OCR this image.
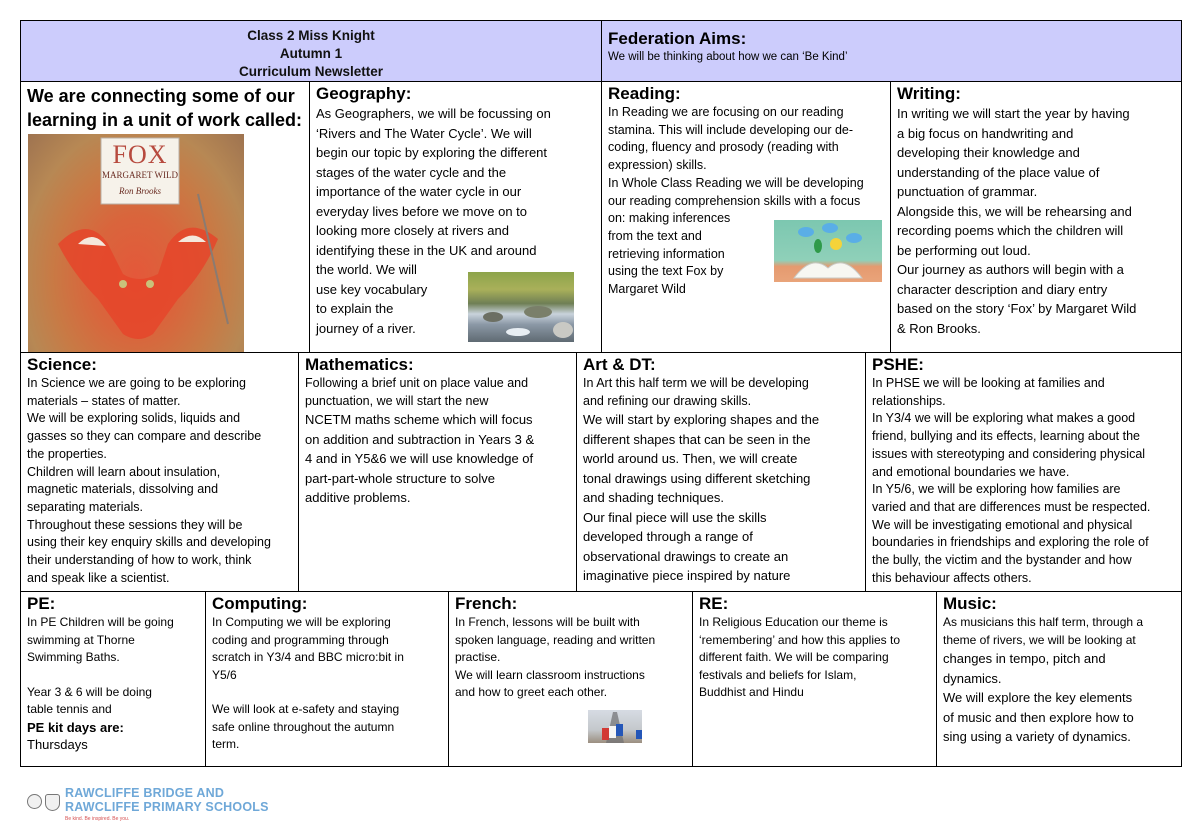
Class 2 Miss Knight
Autumn 1
Curriculum Newsletter
Federation Aims:
We will be thinking about how we can ‘Be Kind’
We are connecting some of our
learning in a unit of work called:
FOX
MARGARET WILD
Ron Brooks
Geography:
As Geographers, we will be focussing on
‘Rivers and The Water Cycle’. We will
begin our topic by exploring the different
stages of the water cycle and the
importance of the water cycle in our
everyday lives before we move on to
looking more closely at rivers and
identifying these in the UK and around
the world. We will
use key vocabulary
to explain the
journey of a river.
Reading:
In Reading we are focusing on our reading
stamina. This will include developing our de-
coding, fluency and prosody (reading with
expression) skills.
In Whole Class Reading we will be developing
our reading comprehension skills with a focus
on: making inferences
from the text and
retrieving information
using the text Fox by
Margaret Wild
Writing:
In writing we will start the year by having
a big focus on handwriting and
developing their knowledge and
understanding of the place value of
punctuation of grammar.
Alongside this, we will be rehearsing and
recording poems which the children will
be performing out loud.
Our journey as authors will begin with a
character description and diary entry
based on the story ‘Fox’ by Margaret Wild
& Ron Brooks.
Science:
In Science we are going to be exploring
materials – states of matter.
We will be exploring solids, liquids and
gasses so they can compare and describe
the properties.
Children will learn about insulation,
magnetic materials, dissolving and
separating materials.
Throughout these sessions they will be
using their key enquiry skills and developing
their understanding of how to work, think
and speak like a scientist.
Mathematics:
Following a brief unit on place value and
punctuation, we will start the new
NCETM maths scheme which will focus
on addition and subtraction in Years 3 &
4 and in Y5&6 we will use knowledge of
part-part-whole structure to solve
additive problems.
Art & DT:
In Art this half term we will be developing
and refining our drawing skills.
We will start by exploring shapes and the
different shapes that can be seen in the
world around us. Then, we will create
tonal drawings using different sketching
and shading techniques.
Our final piece will use the skills
developed through a range of
observational drawings to create an
imaginative piece inspired by nature
PSHE:
In PHSE we will be looking at families and
relationships.
In Y3/4 we will be exploring what makes a good
friend, bullying and its effects, learning about the
issues with stereotyping and considering physical
and emotional boundaries we have.
In Y5/6, we will be exploring how families are
varied and that are differences must be respected.
We will be investigating emotional and physical
boundaries in friendships and exploring the role of
the bully, the victim and the bystander and how
this behaviour affects others.
PE:
In PE Children will be going
swimming at Thorne
Swimming Baths.
Year 3 & 6 will be doing
table tennis and
PE kit days are:
Thursdays
Computing:
In Computing we will be exploring
coding and programming through
scratch in Y3/4 and BBC micro:bit in
Y5/6
We will look at e-safety and staying
safe online throughout the autumn
term.
French:
In French, lessons will be built with
spoken language, reading and written
practise.
We will learn classroom instructions
and how to greet each other.
RE:
In Religious Education our theme is
‘remembering’ and how this applies to
different faith. We will be comparing
festivals and beliefs for Islam,
Buddhist and Hindu
Music:
As musicians this half term, through a
theme of rivers, we will be looking at
changes in tempo, pitch and
dynamics.
We will explore the key elements
of music and then explore how to
sing using a variety of dynamics.
RAWCLIFFE BRIDGE AND
RAWCLIFFE PRIMARY SCHOOLS
Be kind. Be inspired. Be you.
